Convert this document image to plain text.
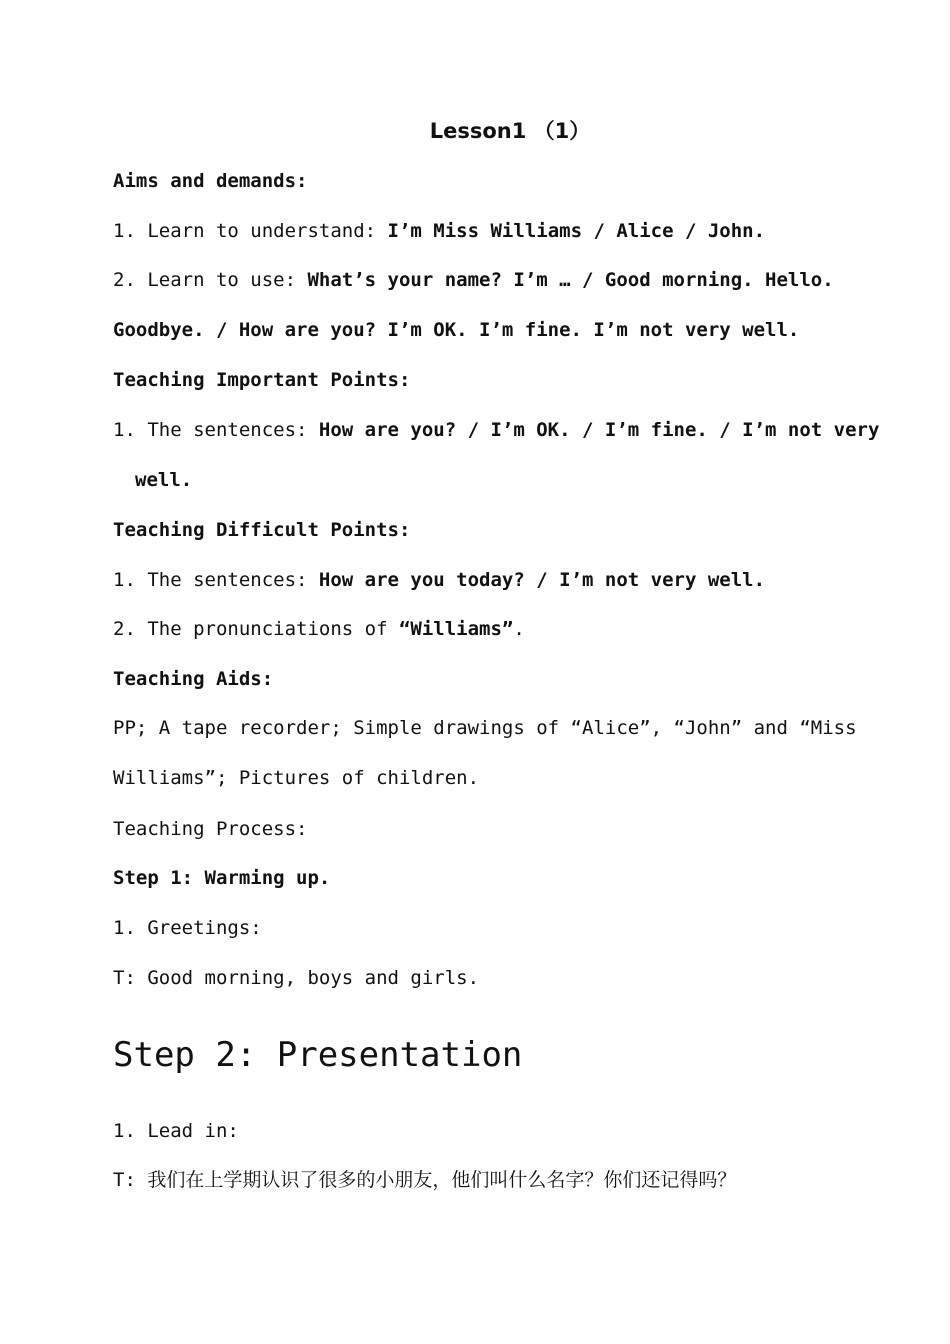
Lesson1 （1）
Aims and demands:
1. Learn to understand: I’m Miss Williams / Alice / John.
2. Learn to use: What’s your name? I’m … / Good morning. Hello.
Goodbye. / How are you? I’m OK. I’m fine. I’m not very well.
Teaching Important Points:
1. The sentences: How are you? / I’m OK. / I’m fine. / I’m not very
well.
Teaching Difficult Points:
1. The sentences: How are you today? / I’m not very well.
2. The pronunciations of “Williams”.
Teaching Aids:
PP; A tape recorder; Simple drawings of “Alice”, “John” and “Miss
Williams”; Pictures of children.
Teaching Process:
Step 1: Warming up.
1. Greetings:
T: Good morning, boys and girls.
Step 2: Presentation
1. Lead in:
T: 我们在上学期认识了很多的小朋友，他们叫什么名字？你们还记得吗？
